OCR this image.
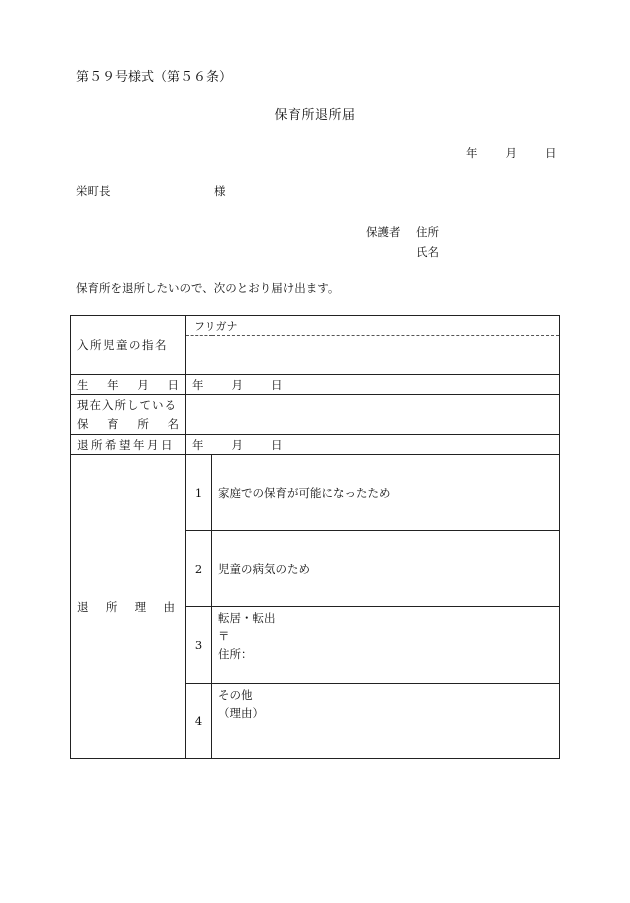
第５９号様式（第５６条）
保育所退所届
年 月 日
栄町長	様
保護者 住所
氏名
保育所を退所したいので、次のとおり届け出ます。
入所児童の指名	フリガナ	

生 年 月 日	年 月 日	

現在入所している
保 育 所 名		

退所希望年月日	年 月 日	

退 所 理 由	1	家庭での保育が可能になったため
	2	児童の病気のため
	3	転居・転出
〒
住所：

	4	その他
（理由）
